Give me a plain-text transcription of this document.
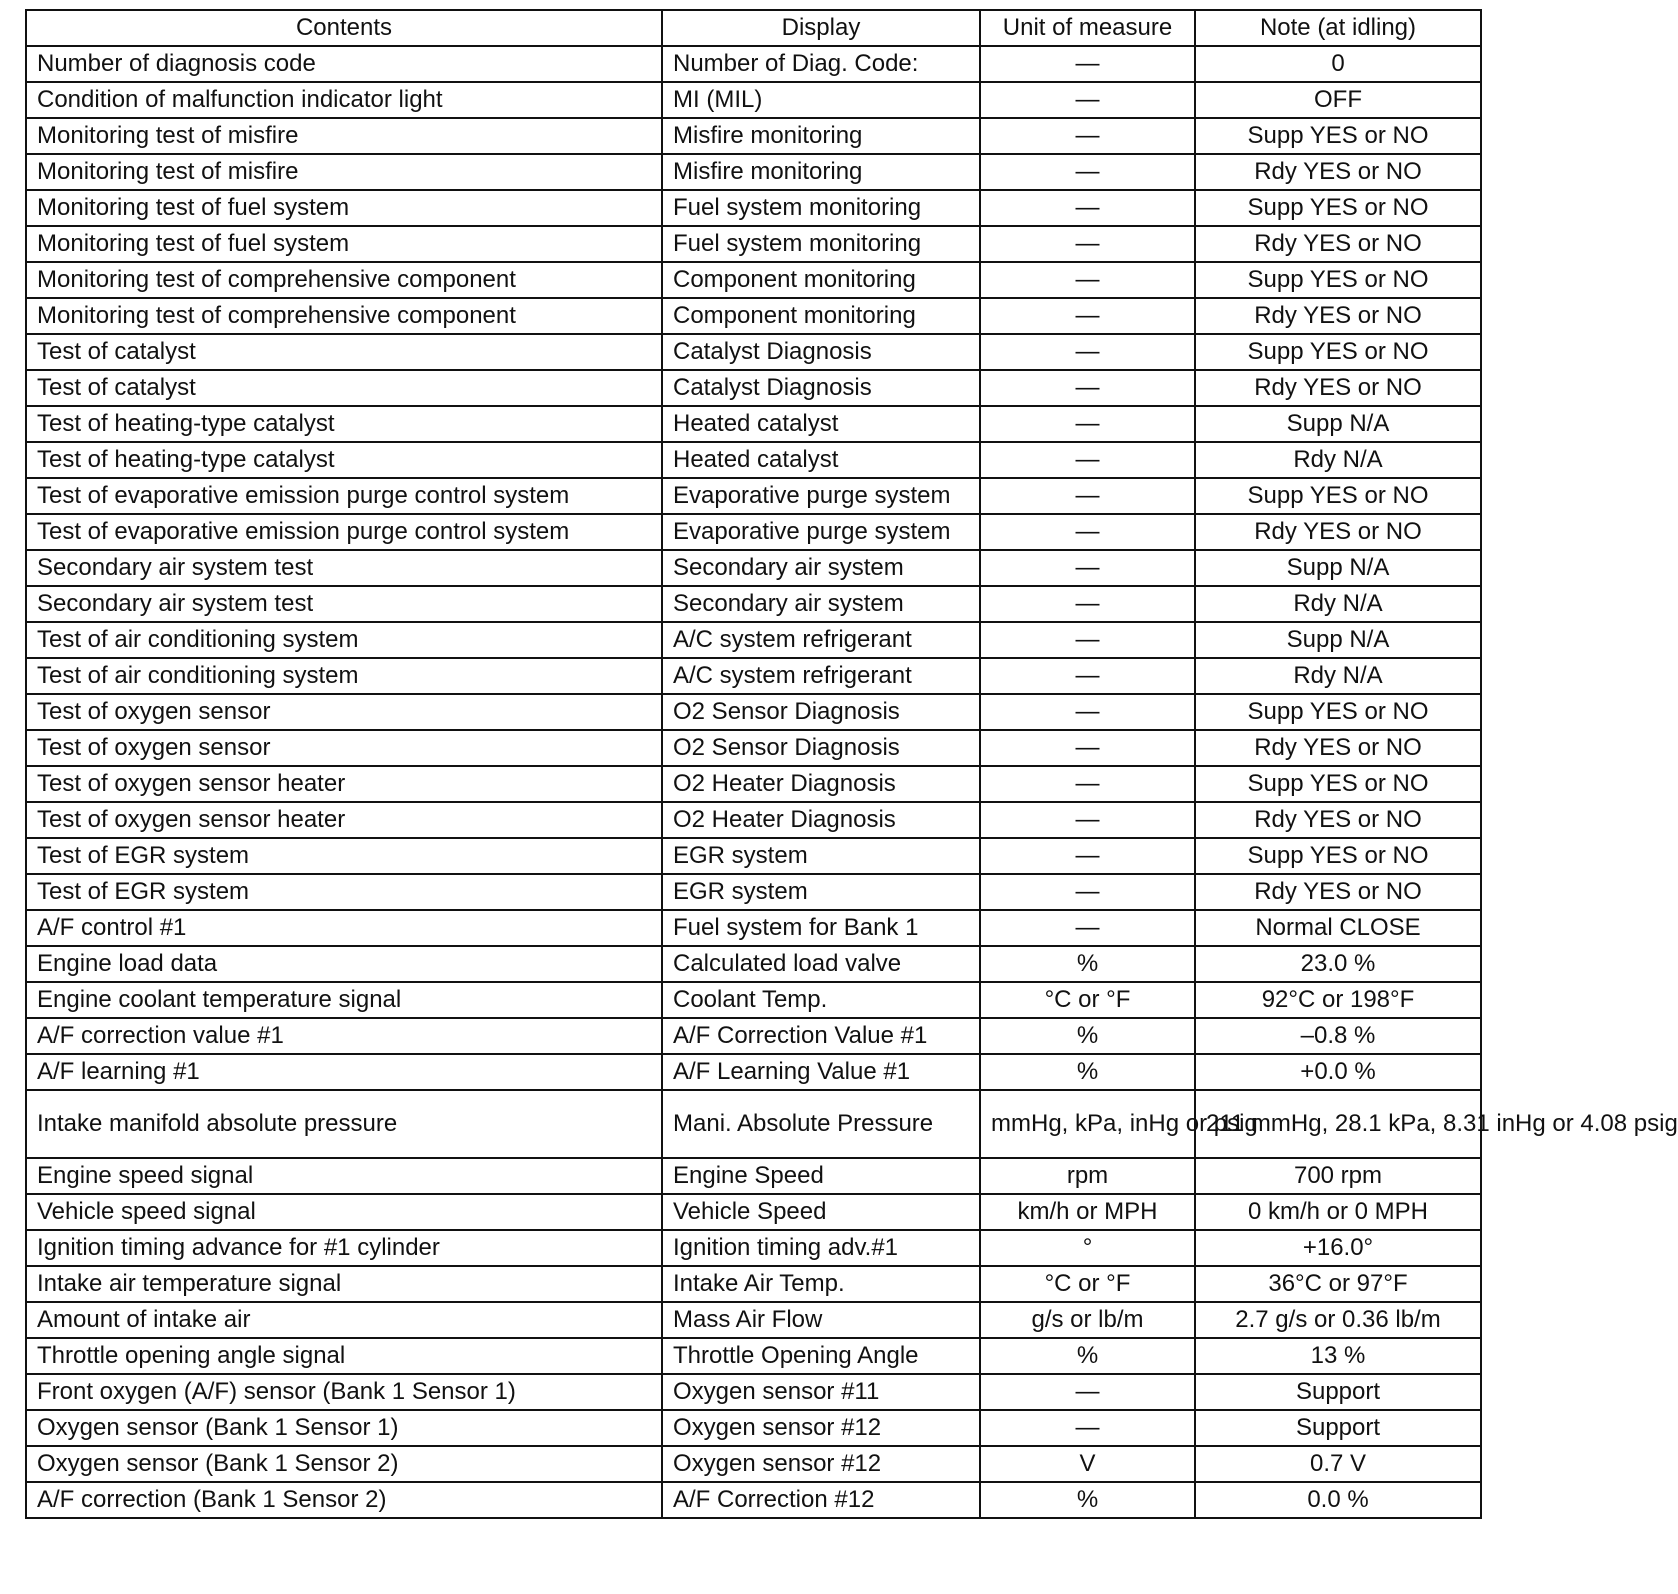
Contents	Display	Unit of measure	Note (at idling)
Number of diagnosis code	Number of Diag. Code:	—	0
Condition of malfunction indicator light	MI (MIL)	—	OFF
Monitoring test of misfire	Misfire monitoring	—	Supp YES or NO
Monitoring test of misfire	Misfire monitoring	—	Rdy YES or NO
Monitoring test of fuel system	Fuel system monitoring	—	Supp YES or NO
Monitoring test of fuel system	Fuel system monitoring	—	Rdy YES or NO
Monitoring test of comprehensive component	Component monitoring	—	Supp YES or NO
Monitoring test of comprehensive component	Component monitoring	—	Rdy YES or NO
Test of catalyst	Catalyst Diagnosis	—	Supp YES or NO
Test of catalyst	Catalyst Diagnosis	—	Rdy YES or NO
Test of heating-type catalyst	Heated catalyst	—	Supp N/A
Test of heating-type catalyst	Heated catalyst	—	Rdy N/A
Test of evaporative emission purge control system	Evaporative purge system	—	Supp YES or NO
Test of evaporative emission purge control system	Evaporative purge system	—	Rdy YES or NO
Secondary air system test	Secondary air system	—	Supp N/A
Secondary air system test	Secondary air system	—	Rdy N/A
Test of air conditioning system	A/C system refrigerant	—	Supp N/A
Test of air conditioning system	A/C system refrigerant	—	Rdy N/A
Test of oxygen sensor	O2 Sensor Diagnosis	—	Supp YES or NO
Test of oxygen sensor	O2 Sensor Diagnosis	—	Rdy YES or NO
Test of oxygen sensor heater	O2 Heater Diagnosis	—	Supp YES or NO
Test of oxygen sensor heater	O2 Heater Diagnosis	—	Rdy YES or NO
Test of EGR system	EGR system	—	Supp YES or NO
Test of EGR system	EGR system	—	Rdy YES or NO
A/F control #1	Fuel system for Bank 1	—	Normal CLOSE
Engine load data	Calculated load valve	%	23.0 %
Engine coolant temperature signal	Coolant Temp.	°C or °F	92°C or 198°F
A/F correction value #1	A/F Correction Value #1	%	–0.8 %
A/F learning #1	A/F Learning Value #1	%	+0.0 %
Intake manifold absolute pressure	Mani. Absolute Pressure	mmHg, kPa, inHg or psig	211 mmHg, 28.1 kPa, 8.31 inHg or 4.08 psig
Engine speed signal	Engine Speed	rpm	700 rpm
Vehicle speed signal	Vehicle Speed	km/h or MPH	0 km/h or 0 MPH
Ignition timing advance for #1 cylinder	Ignition timing adv.#1	°	+16.0°
Intake air temperature signal	Intake Air Temp.	°C or °F	36°C or 97°F
Amount of intake air	Mass Air Flow	g/s or lb/m	2.7 g/s or 0.36 lb/m
Throttle opening angle signal	Throttle Opening Angle	%	13 %
Front oxygen (A/F) sensor (Bank 1 Sensor 1)	Oxygen sensor #11	—	Support
Oxygen sensor (Bank 1 Sensor 1)	Oxygen sensor #12	—	Support
Oxygen sensor (Bank 1 Sensor 2)	Oxygen sensor #12	V	0.7 V
A/F correction (Bank 1 Sensor 2)	A/F Correction #12	%	0.0 %
